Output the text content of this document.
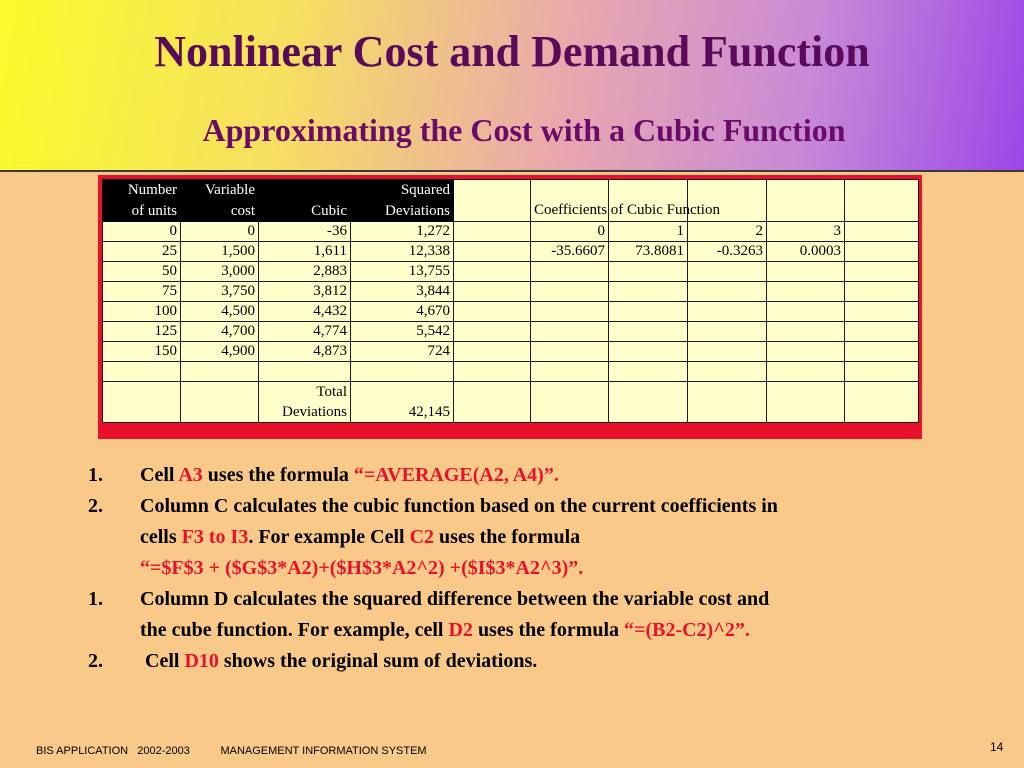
Nonlinear Cost and Demand Function
Approximating the Cost with a Cubic Function
Number	Variable		Squared						
of units	cost	Cubic	Deviations		Coefficients of Cubic Function				
0	0	-36	1,272		0	1	2	3	
25	1,500	1,611	12,338		-35.6607	73.8081	-0.3263	0.0003	
50	3,000	2,883	13,755						
75	3,750	3,812	3,844						
100	4,500	4,432	4,670						
125	4,700	4,774	5,542						
150	4,900	4,873	724						

		Total							
		Deviations	42,145						
1. Cell A3 uses the formula “=AVERAGE(A2, A4)”.
2. Column C calculates the cubic function based on the current coefficients in
cells F3 to I3. For example Cell C2 uses the formula
“=$F$3 + ($G$3*A2)+($H$3*A2^2) +($I$3*A2^3)”.
1. Column D calculates the squared difference between the variable cost and
the cube function. For example, cell D2 uses the formula “=(B2-C2)^2”.
2. Cell D10 shows the original sum of deviations.
BIS APPLICATION   2002-2003          MANAGEMENT INFORMATION SYSTEM	14
